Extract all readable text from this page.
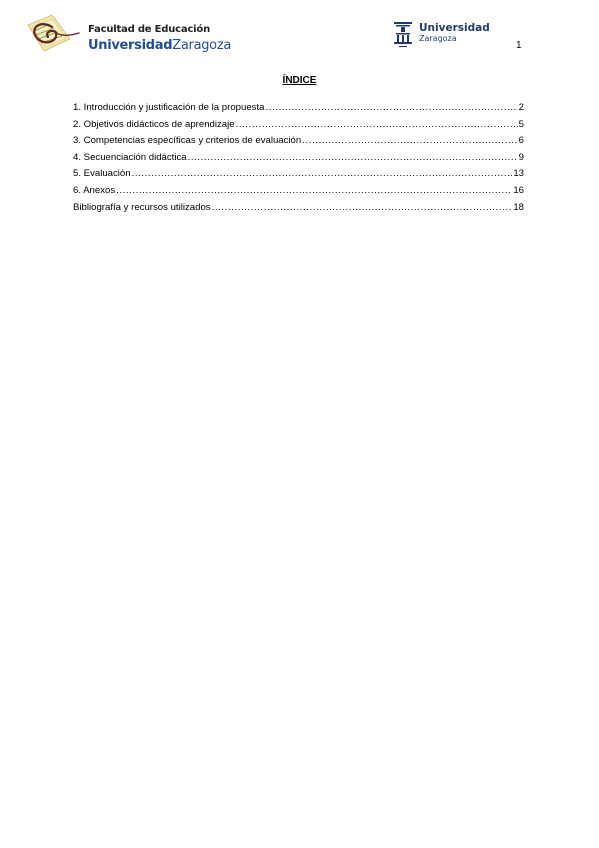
Facultad de Educación
UniversidadZaragoza
Universidad
Zaragoza
1
ÍNDICE
1. Introducción y justificación de la propuesta .....	2
2. Objetivos didácticos de aprendizaje .....	5
3. Competencias específicas y criterios de evaluación .....	6
4. Secuenciación didáctica .....	9
5. Evaluación .....	13
6. Anexos .....	16
Bibliografía y recursos utilizados .....	18
